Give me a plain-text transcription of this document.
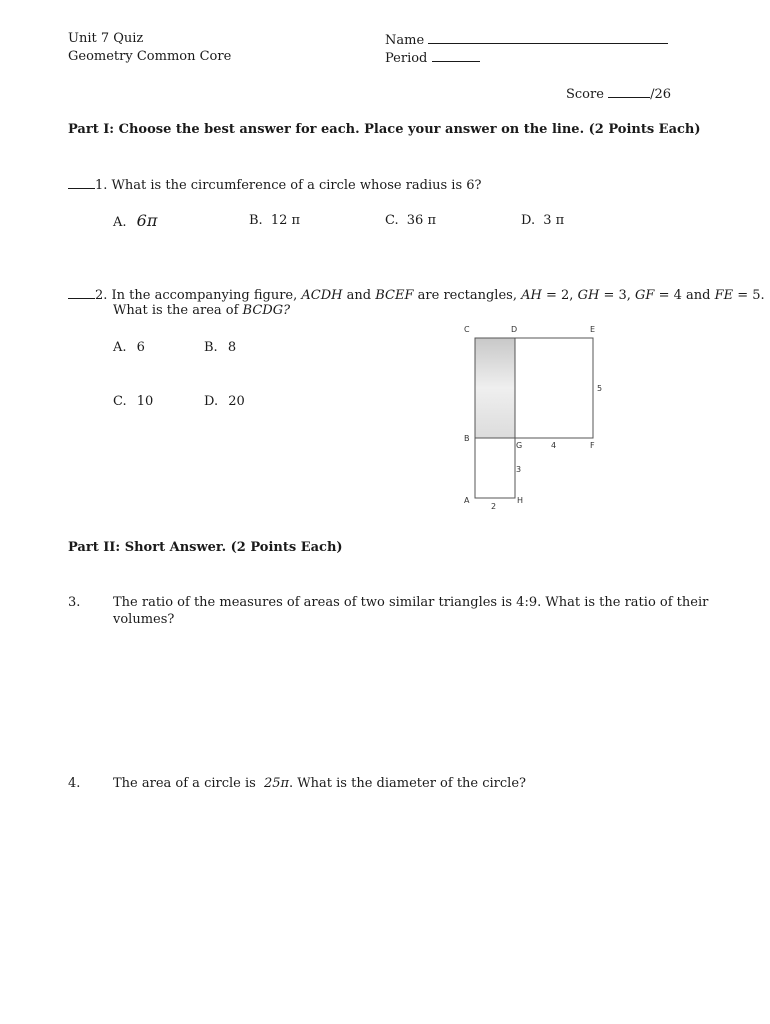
Unit 7 Quiz
Geometry Common Core
Name
Period
Score	/26
Part I: Choose the best answer for each. Place your answer on the line. (2 Points Each)
1. What is the circumference of a circle whose radius is 6?
A. 6π	B. 12 π	C. 36 π	D. 3 π
2. In the accompanying figure, ACDH and BCEF are rectangles, AH = 2, GH = 3, GF = 4 and FE = 5.
What is the area of BCDG?
A. 6	B. 8
C. 10	D. 20
C	D	E
B
G	F
A	H
5
4
3
2
Part II: Short Answer. (2 Points Each)
3.	The ratio of the measures of areas of two similar triangles is 4:9. What is the ratio of their
volumes?
4.	The area of a circle is 25π. What is the diameter of the circle?
